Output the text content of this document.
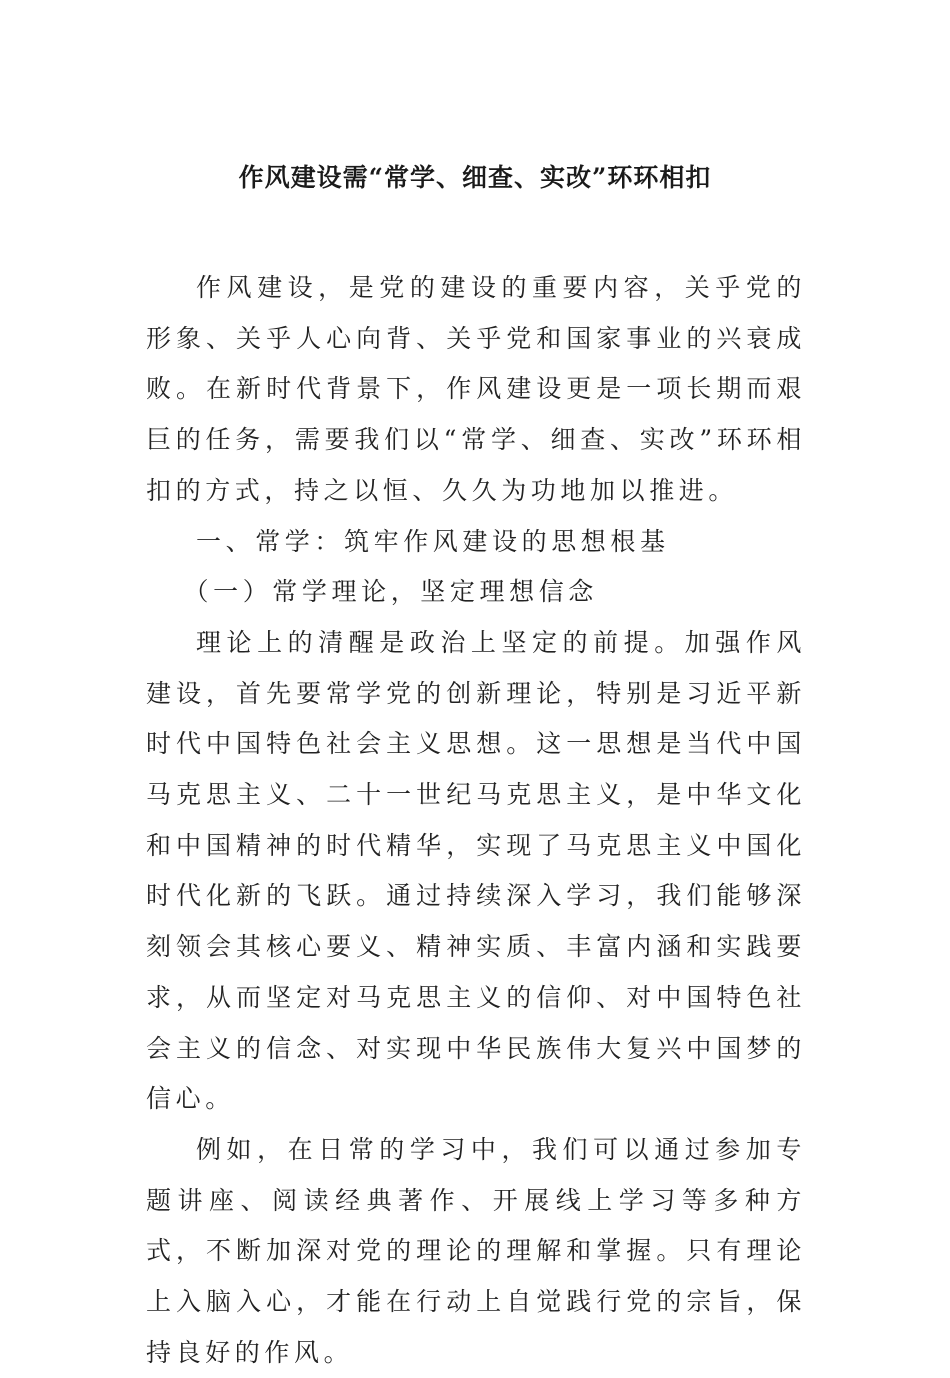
作风建设需“常学、细查、实改”环环相扣

作风建设，是党的建设的重要内容，关乎党的形象、关乎人心向背、关乎党和国家事业的兴衰成败。在新时代背景下，作风建设更是一项长期而艰巨的任务，需要我们以“常学、细查、实改”环环相扣的方式，持之以恒、久久为功地加以推进。

一、常学：筑牢作风建设的思想根基

（一）常学理论，坚定理想信念

理论上的清醒是政治上坚定的前提。加强作风建设，首先要常学党的创新理论，特别是习近平新时代中国特色社会主义思想。这一思想是当代中国马克思主义、二十一世纪马克思主义，是中华文化和中国精神的时代精华，实现了马克思主义中国化时代化新的飞跃。通过持续深入学习，我们能够深刻领会其核心要义、精神实质、丰富内涵和实践要求，从而坚定对马克思主义的信仰、对中国特色社会主义的信念、对实现中华民族伟大复兴中国梦的信心。

例如，在日常的学习中，我们可以通过参加专题讲座、阅读经典著作、开展线上学习等多种方式，不断加深对党的理论的理解和掌握。只有理论上入脑入心，才能在行动上自觉践行党的宗旨，保持良好的作风。
